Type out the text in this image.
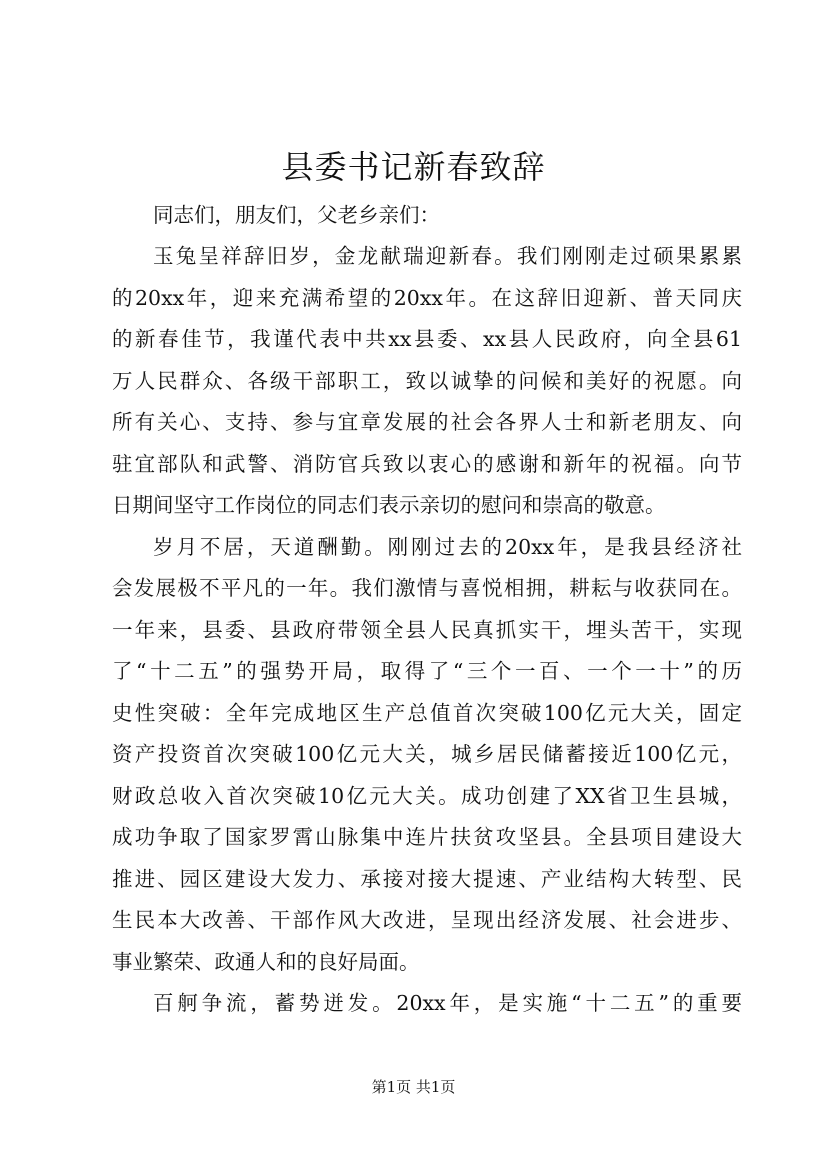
县委书记新春致辞
同志们，朋友们，父老乡亲们：
玉兔呈祥辞旧岁，金龙献瑞迎新春。我们刚刚走过硕果累累
的20xx年，迎来充满希望的20xx年。在这辞旧迎新、普天同庆
的新春佳节，我谨代表中共xx县委、xx县人民政府，向全县61
万人民群众、各级干部职工，致以诚挚的问候和美好的祝愿。向
所有关心、支持、参与宜章发展的社会各界人士和新老朋友、向
驻宜部队和武警、消防官兵致以衷心的感谢和新年的祝福。向节
日期间坚守工作岗位的同志们表示亲切的慰问和崇高的敬意。
岁月不居，天道酬勤。刚刚过去的20xx年，是我县经济社
会发展极不平凡的一年。我们激情与喜悦相拥，耕耘与收获同在。
一年来，县委、县政府带领全县人民真抓实干，埋头苦干，实现
了“十二五”的强势开局，取得了“三个一百、一个一十”的历
史性突破：全年完成地区生产总值首次突破100亿元大关，固定
资产投资首次突破100亿元大关，城乡居民储蓄接近100亿元，
财政总收入首次突破10亿元大关。成功创建了XX省卫生县城，
成功争取了国家罗霄山脉集中连片扶贫攻坚县。全县项目建设大
推进、园区建设大发力、承接对接大提速、产业结构大转型、民
生民本大改善、干部作风大改进，呈现出经济发展、社会进步、
事业繁荣、政通人和的良好局面。
百舸争流，蓄势迸发。20xx年，是实施“十二五”的重要
第1页 共1页
